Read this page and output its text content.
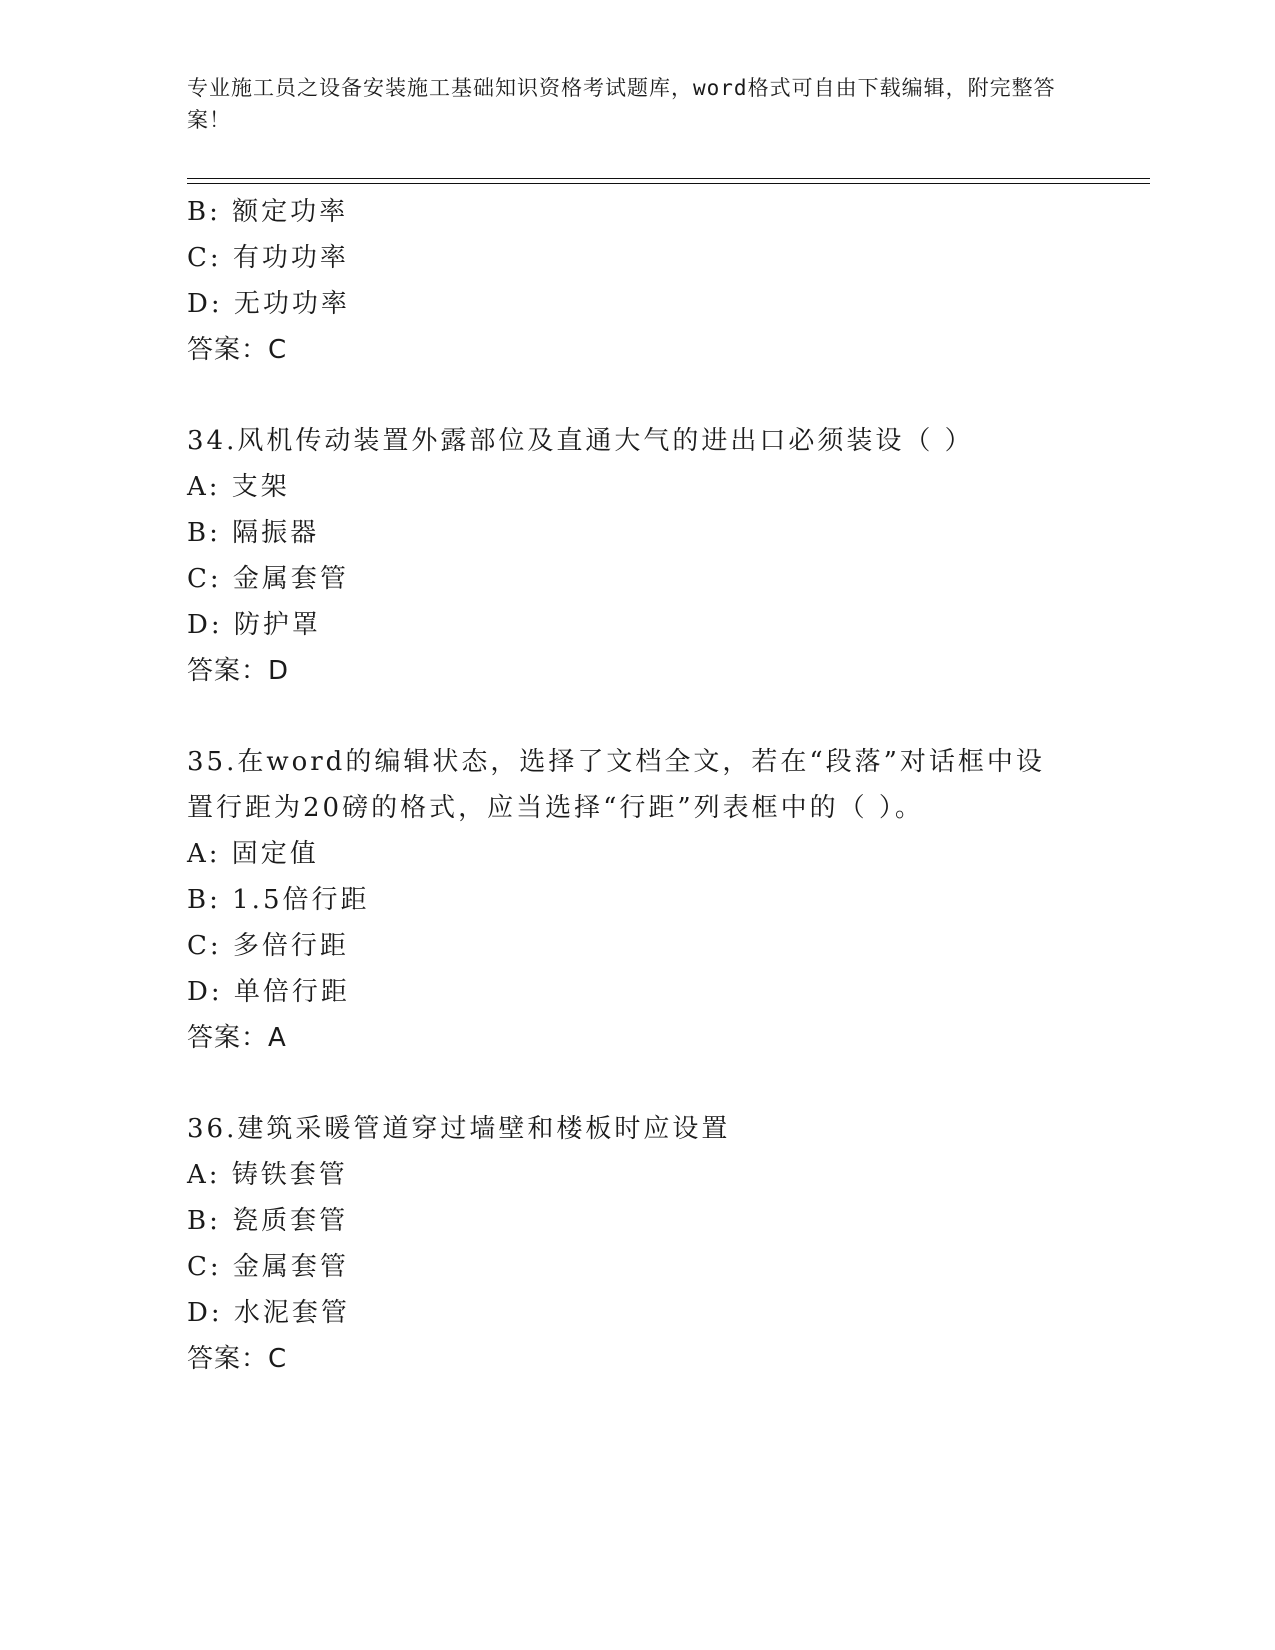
专业施工员之设备安装施工基础知识资格考试题库，word格式可自由下载编辑，附完整答案！
B: 额定功率
C: 有功功率
D: 无功功率
答案：C
34.风机传动装置外露部位及直通大气的进出口必须装设（ ）
A: 支架
B: 隔振器
C: 金属套管
D: 防护罩
答案：D
35.在word的编辑状态，选择了文档全文，若在“段落”对话框中设置行距为20磅的格式，应当选择“行距”列表框中的（ ）。
A: 固定值
B: 1.5倍行距
C: 多倍行距
D: 单倍行距
答案：A
36.建筑采暖管道穿过墙壁和楼板时应设置
A: 铸铁套管
B: 瓷质套管
C: 金属套管
D: 水泥套管
答案：C
